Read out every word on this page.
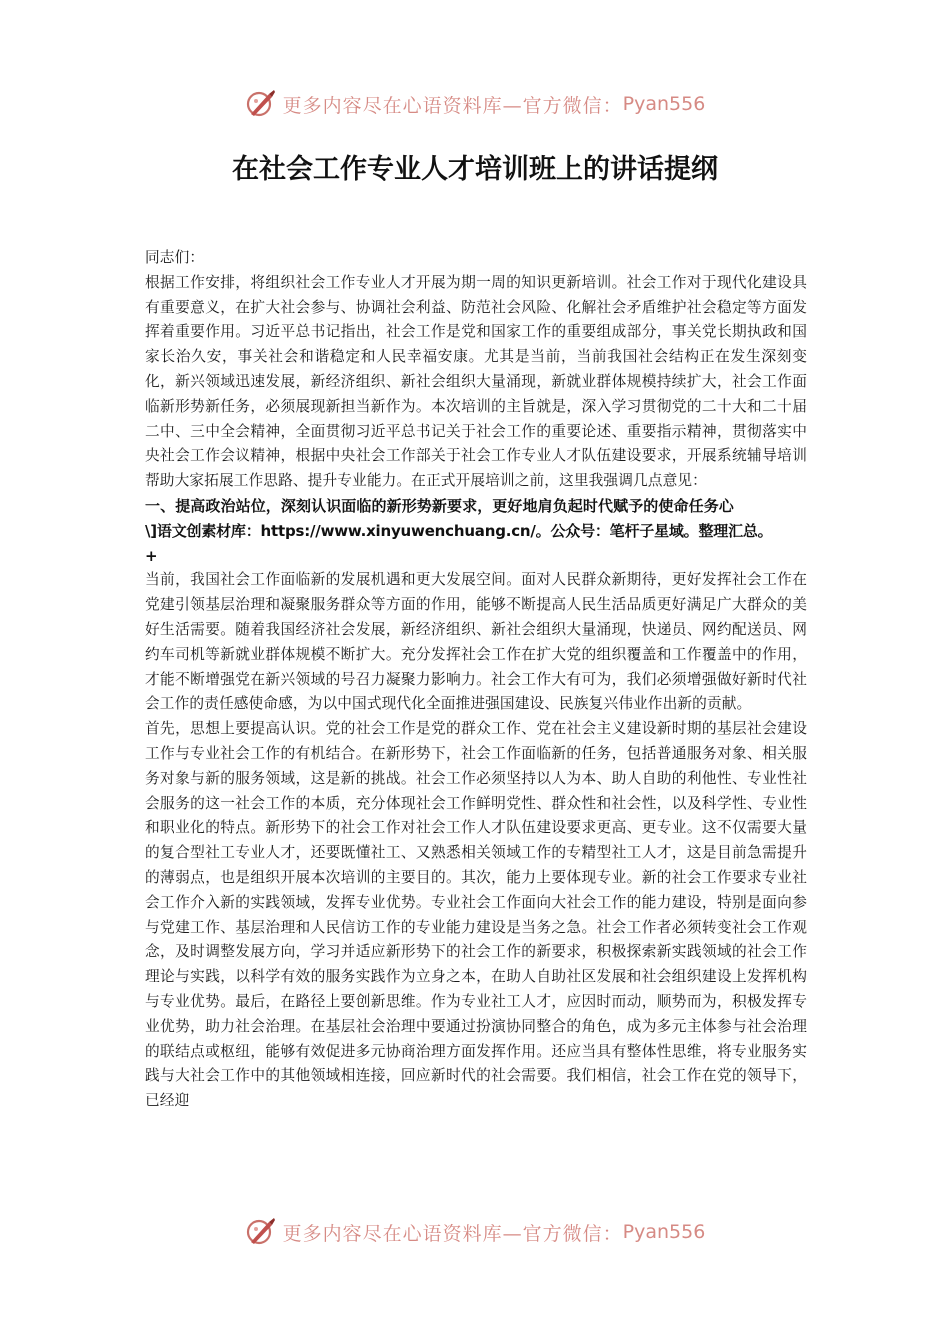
更多内容尽在心语资料库—官方微信： Pyan556
在社会工作专业人才培训班上的讲话提纲

同志们：

根据工作安排，将组织社会工作专业人才开展为期一周的知识更新培训。社会工作对于现代化建设具有重要意义，在扩大社会参与、协调社会利益、防范社会风险、化解社会矛盾维护社会稳定等方面发挥着重要作用。习近平总书记指出，社会工作是党和国家工作的重要组成部分，事关党长期执政和国家长治久安，事关社会和谐稳定和人民幸福安康。尤其是当前，当前我国社会结构正在发生深刻变化，新兴领域迅速发展，新经济组织、新社会组织大量涌现，新就业群体规模持续扩大，社会工作面临新形势新任务，必须展现新担当新作为。本次培训的主旨就是，深入学习贯彻党的二十大和二十届二中、三中全会精神，全面贯彻习近平总书记关于社会工作的重要论述、重要指示精神，贯彻落实中央社会工作会议精神，根据中央社会工作部关于社会工作专业人才队伍建设要求，开展系统辅导培训帮助大家拓展工作思路、提升专业能力。在正式开展培训之前，这里我强调几点意见：

一、提高政治站位，深刻认识面临的新形势新要求，更好地肩负起时代赋予的使命任务心
\]语文创素材库：https://www.xinyuwenchuang.cn/。公众号：笔杆子星域。整理汇总。
+

当前，我国社会工作面临新的发展机遇和更大发展空间。面对人民群众新期待，更好发挥社会工作在党建引领基层治理和凝聚服务群众等方面的作用，能够不断提高人民生活品质更好满足广大群众的美好生活需要。随着我国经济社会发展，新经济组织、新社会组织大量涌现，快递员、网约配送员、网约车司机等新就业群体规模不断扩大。充分发挥社会工作在扩大党的组织覆盖和工作覆盖中的作用，才能不断增强党在新兴领域的号召力凝聚力影响力。社会工作大有可为，我们必须增强做好新时代社会工作的责任感使命感，为以中国式现代化全面推进强国建设、民族复兴伟业作出新的贡献。

首先，思想上要提高认识。党的社会工作是党的群众工作、党在社会主义建设新时期的基层社会建设工作与专业社会工作的有机结合。在新形势下，社会工作面临新的任务，包括普通服务对象、相关服务对象与新的服务领域，这是新的挑战。社会工作必须坚持以人为本、助人自助的利他性、专业性社会服务的这一社会工作的本质，充分体现社会工作鲜明党性、群众性和社会性，以及科学性、专业性和职业化的特点。新形势下的社会工作对社会工作人才队伍建设要求更高、更专业。这不仅需要大量的复合型社工专业人才，还要既懂社工、又熟悉相关领域工作的专精型社工人才，这是目前急需提升的薄弱点，也是组织开展本次培训的主要目的。其次，能力上要体现专业。新的社会工作要求专业社会工作介入新的实践领域，发挥专业优势。专业社会工作面向大社会工作的能力建设，特别是面向参与党建工作、基层治理和人民信访工作的专业能力建设是当务之急。社会工作者必须转变社会工作观念，及时调整发展方向，学习并适应新形势下的社会工作的新要求，积极探索新实践领域的社会工作理论与实践，以科学有效的服务实践作为立身之本，在助人自助社区发展和社会组织建设上发挥机构与专业优势。最后，在路径上要创新思维。作为专业社工人才，应因时而动，顺势而为，积极发挥专业优势，助力社会治理。在基层社会治理中要通过扮演协同整合的角色，成为多元主体参与社会治理的联结点或枢纽，能够有效促进多元协商治理方面发挥作用。还应当具有整体性思维，将专业服务实践与大社会工作中的其他领域相连接，回应新时代的社会需要。我们相信，社会工作在党的领导下，已经迎

更多内容尽在心语资料库—官方微信： Pyan556
